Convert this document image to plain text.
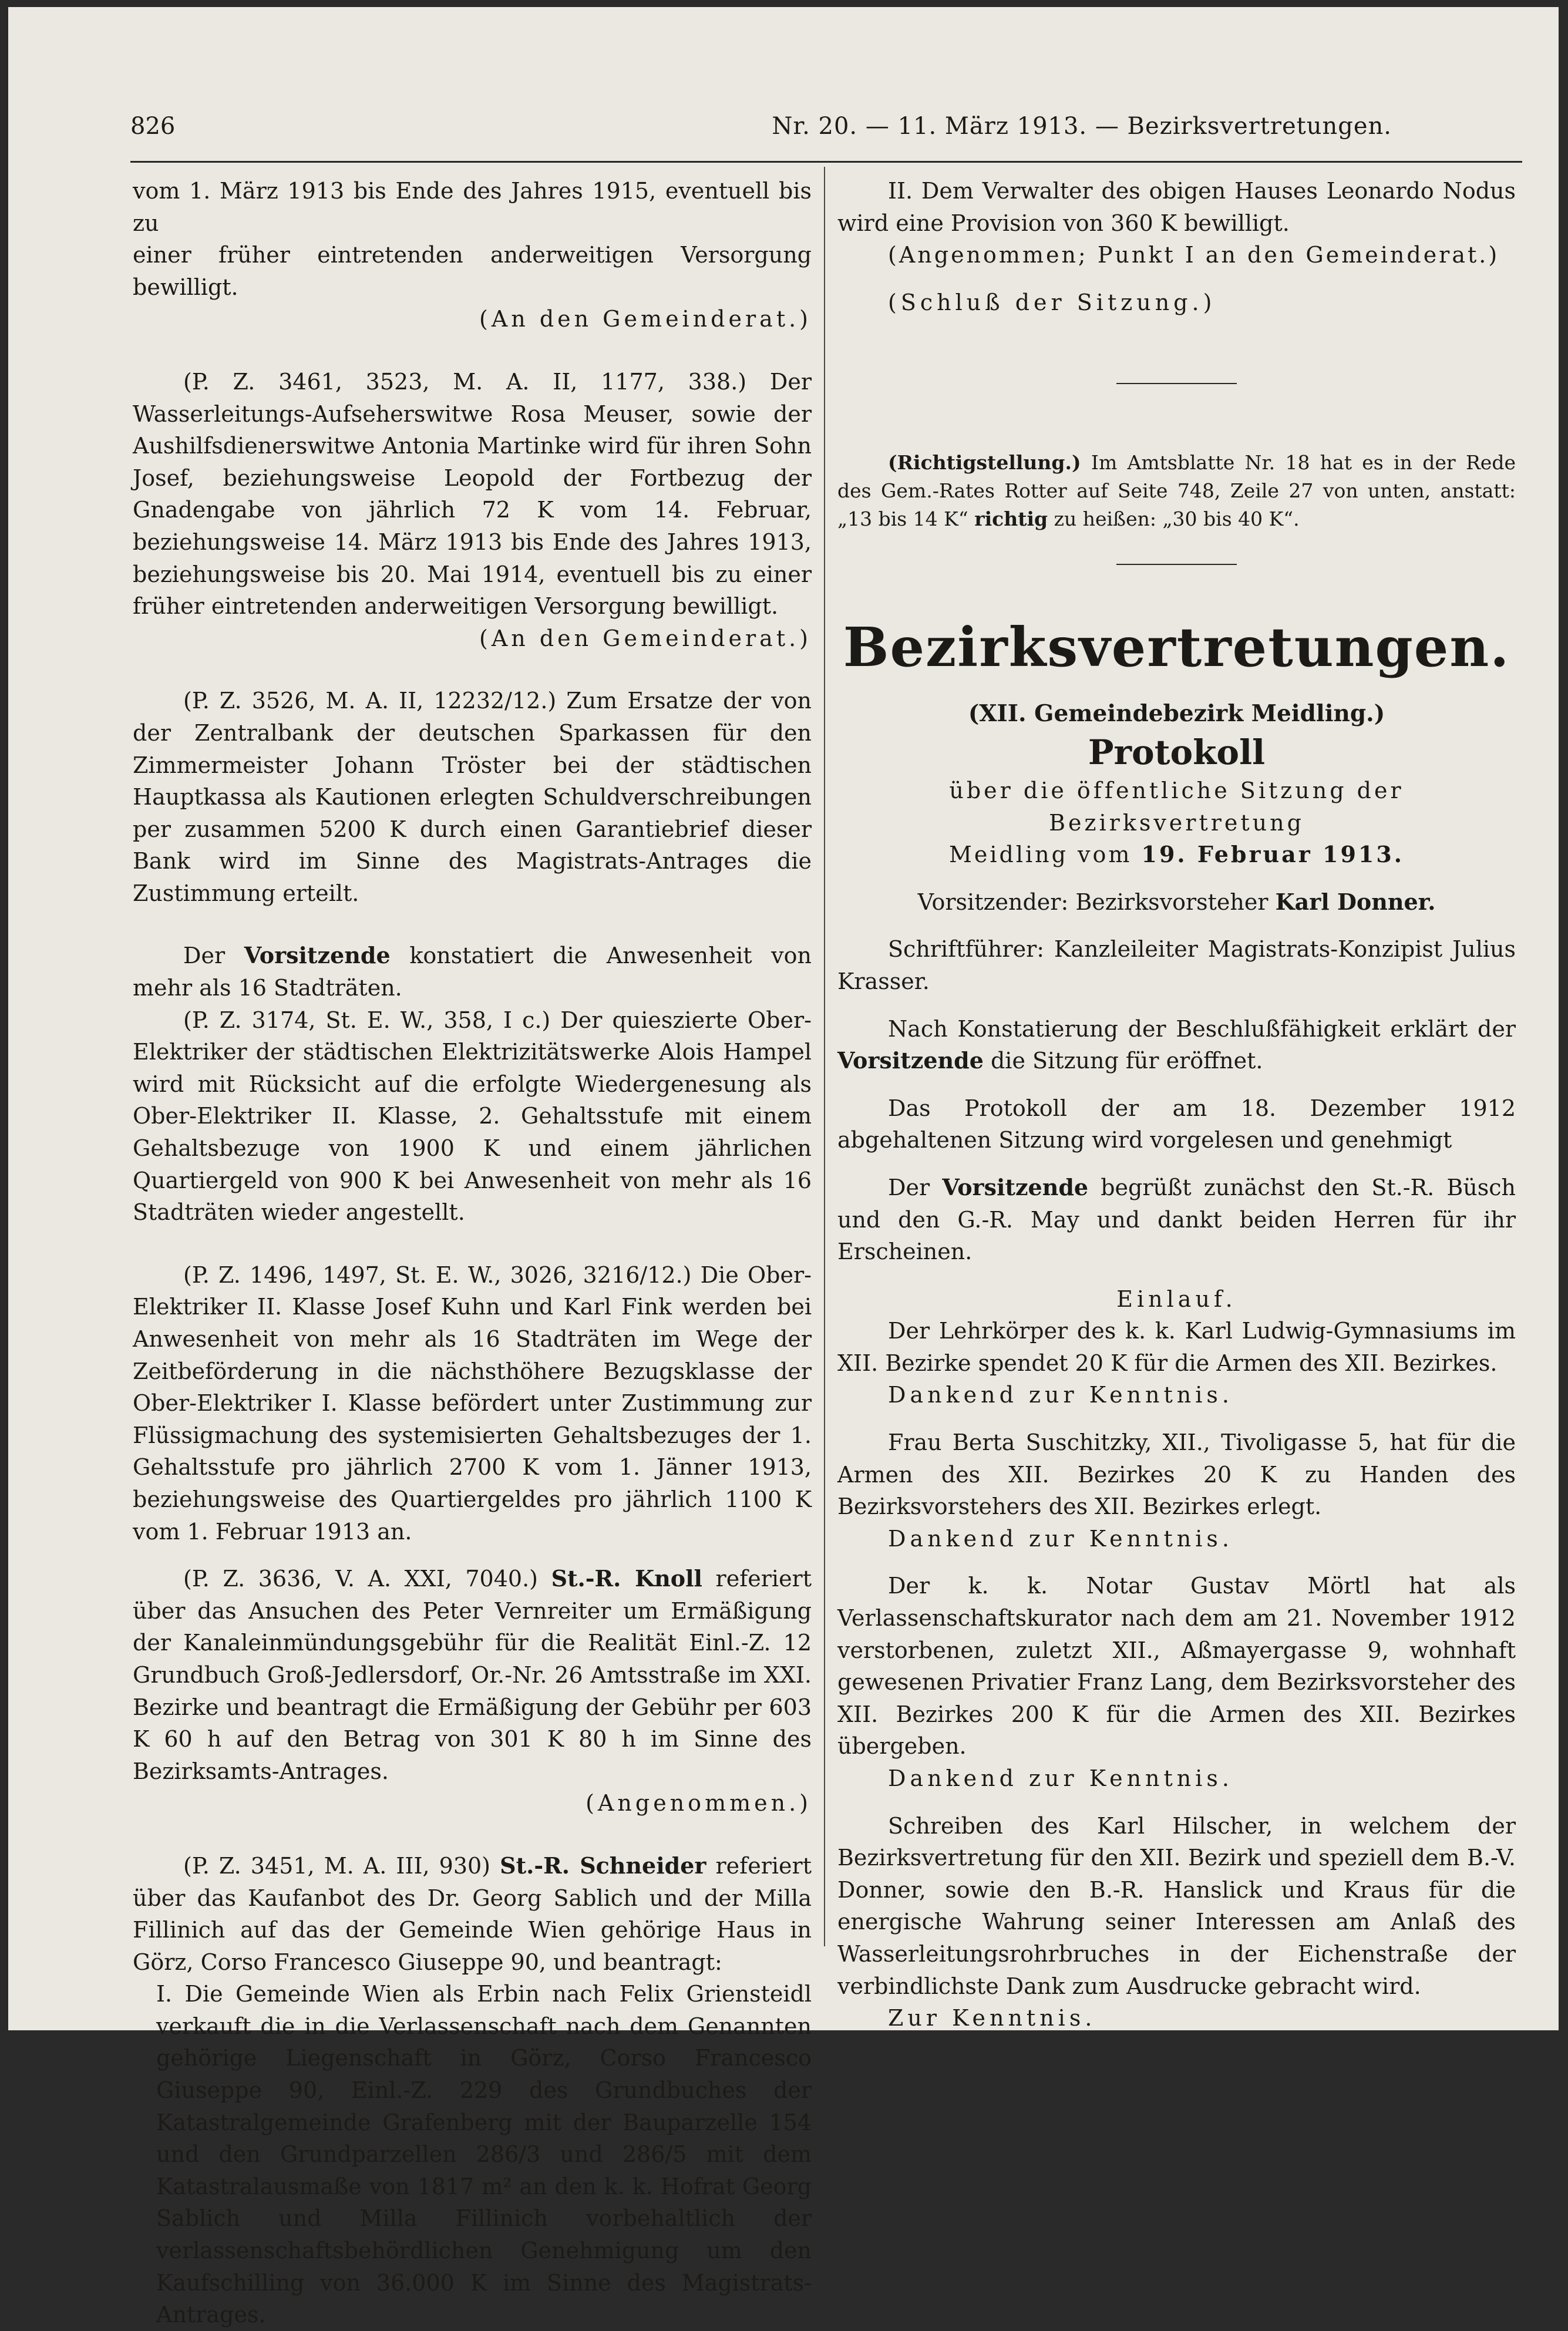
826	Nr. 20. — 11. März 1913. — Bezirksvertretungen.

vom 1. März 1913 bis Ende des Jahres 1915, eventuell bis zu

einer früher eintretenden anderweitigen Versorgung bewilligt.

(An den Gemeinderat.)

(P. Z. 3461, 3523, M. A. II, 1177, 338.) Der Wasserleitungs-Aufseherswitwe Rosa Meuser, sowie der Aushilfsdienerswitwe Antonia Martinke wird für ihren Sohn Josef, beziehungsweise Leopold der Fortbezug der Gnadengabe von jährlich 72 K vom 14. Februar, beziehungsweise 14. März 1913 bis Ende des Jahres 1913, beziehungsweise bis 20. Mai 1914, eventuell bis zu einer früher eintretenden anderweitigen Versorgung bewilligt.

(An den Gemeinderat.)

(P. Z. 3526, M. A. II, 12232/12.) Zum Ersatze der von der Zentralbank der deutschen Sparkassen für den Zimmermeister Johann Tröster bei der städtischen Hauptkassa als Kautionen erlegten Schuldverschreibungen per zusammen 5200 K durch einen Garantiebrief dieser Bank wird im Sinne des Magistrats-Antrages die Zustimmung erteilt.

Der Vorsitzende konstatiert die Anwesenheit von mehr als 16 Stadträten.

(P. Z. 3174, St. E. W., 358, I c.) Der quieszierte Ober-Elektriker der städtischen Elektrizitätswerke Alois Hampel wird mit Rücksicht auf die erfolgte Wiedergenesung als Ober-Elektriker II. Klasse, 2. Gehaltsstufe mit einem Gehaltsbezuge von 1900 K und einem jährlichen Quartiergeld von 900 K bei Anwesenheit von mehr als 16 Stadträten wieder angestellt.

(P. Z. 1496, 1497, St. E. W., 3026, 3216/12.) Die Ober-Elektriker II. Klasse Josef Kuhn und Karl Fink werden bei Anwesenheit von mehr als 16 Stadträten im Wege der Zeitbeförderung in die nächsthöhere Bezugsklasse der Ober-Elektriker I. Klasse befördert unter Zustimmung zur Flüssigmachung des systemisierten Gehaltsbezuges der 1. Gehaltsstufe pro jährlich 2700 K vom 1. Jänner 1913, beziehungsweise des Quartiergeldes pro jährlich 1100 K vom 1. Februar 1913 an.

(P. Z. 3636, V. A. XXI, 7040.) St.-R. Knoll referiert über das Ansuchen des Peter Vernreiter um Ermäßigung der Kanaleinmündungsgebühr für die Realität Einl.-Z. 12 Grundbuch Groß-Jedlersdorf, Or.-Nr. 26 Amtsstraße im XXI. Bezirke und beantragt die Ermäßigung der Gebühr per 603 K 60 h auf den Betrag von 301 K 80 h im Sinne des Bezirksamts-Antrages.

(Angenommen.)

(P. Z. 3451, M. A. III, 930) St.-R. Schneider referiert über das Kaufanbot des Dr. Georg Sablich und der Milla Fillinich auf das der Gemeinde Wien gehörige Haus in Görz, Corso Francesco Giuseppe 90, und beantragt:

I. Die Gemeinde Wien als Erbin nach Felix Griensteidl verkauft die in die Verlassenschaft nach dem Genannten gehörige Liegenschaft in Görz, Corso Francesco Giuseppe 90, Einl.-Z. 229 des Grundbuches der Katastralgemeinde Grafenberg mit der Bauparzelle 154 und den Grundparzellen 286/3 und 286/5 mit dem Katastralausmaße von 1817 m² an den k. k. Hofrat Georg Sablich und Milla Fillinich vorbehaltlich der verlassenschaftsbehördlichen Genehmigung um den Kaufschilling von 36.000 K im Sinne des Magistrats-Antrages.

II. Dem Verwalter des obigen Hauses Leonardo Nodus wird eine Provision von 360 K bewilligt.

(Angenommen; Punkt I an den Gemeinderat.)

(Schluß der Sitzung.)

(Richtigstellung.) Im Amtsblatte Nr. 18 hat es in der Rede des Gem.-Rates Rotter auf Seite 748, Zeile 27 von unten, anstatt: „13 bis 14 K“ richtig zu heißen: „30 bis 40 K“.

Bezirksvertretungen.

(XII. Gemeindebezirk Meidling.)

Protokoll

über die öffentliche Sitzung der Bezirksvertretung

Meidling vom 19. Februar 1913.

Vorsitzender: Bezirksvorsteher Karl Donner.

Schriftführer: Kanzleileiter Magistrats-Konzipist Julius Krasser.

Nach Konstatierung der Beschlußfähigkeit erklärt der Vorsitzende die Sitzung für eröffnet.

Das Protokoll der am 18. Dezember 1912 abgehaltenen Sitzung wird vorgelesen und genehmigt

Der Vorsitzende begrüßt zunächst den St.-R. Büsch und den G.-R. May und dankt beiden Herren für ihr Erscheinen.

Einlauf.

Der Lehrkörper des k. k. Karl Ludwig-Gymnasiums im XII. Bezirke spendet 20 K für die Armen des XII. Bezirkes.

Dankend zur Kenntnis.

Frau Berta Suschitzky, XII., Tivoligasse 5, hat für die Armen des XII. Bezirkes 20 K zu Handen des Bezirksvorstehers des XII. Bezirkes erlegt.

Dankend zur Kenntnis.

Der k. k. Notar Gustav Mörtl hat als Verlassenschaftskurator nach dem am 21. November 1912 verstorbenen, zuletzt XII., Aßmayergasse 9, wohnhaft gewesenen Privatier Franz Lang, dem Bezirksvorsteher des XII. Bezirkes 200 K für die Armen des XII. Bezirkes übergeben.

Dankend zur Kenntnis.

Schreiben des Karl Hilscher, in welchem der Bezirksvertretung für den XII. Bezirk und speziell dem B.-V. Donner, sowie den B.-R. Hanslick und Kraus für die energische Wahrung seiner Interessen am Anlaß des Wasserleitungsrohrbruches in der Eichenstraße der verbindlichste Dank zum Ausdrucke gebracht wird.

Zur Kenntnis.
